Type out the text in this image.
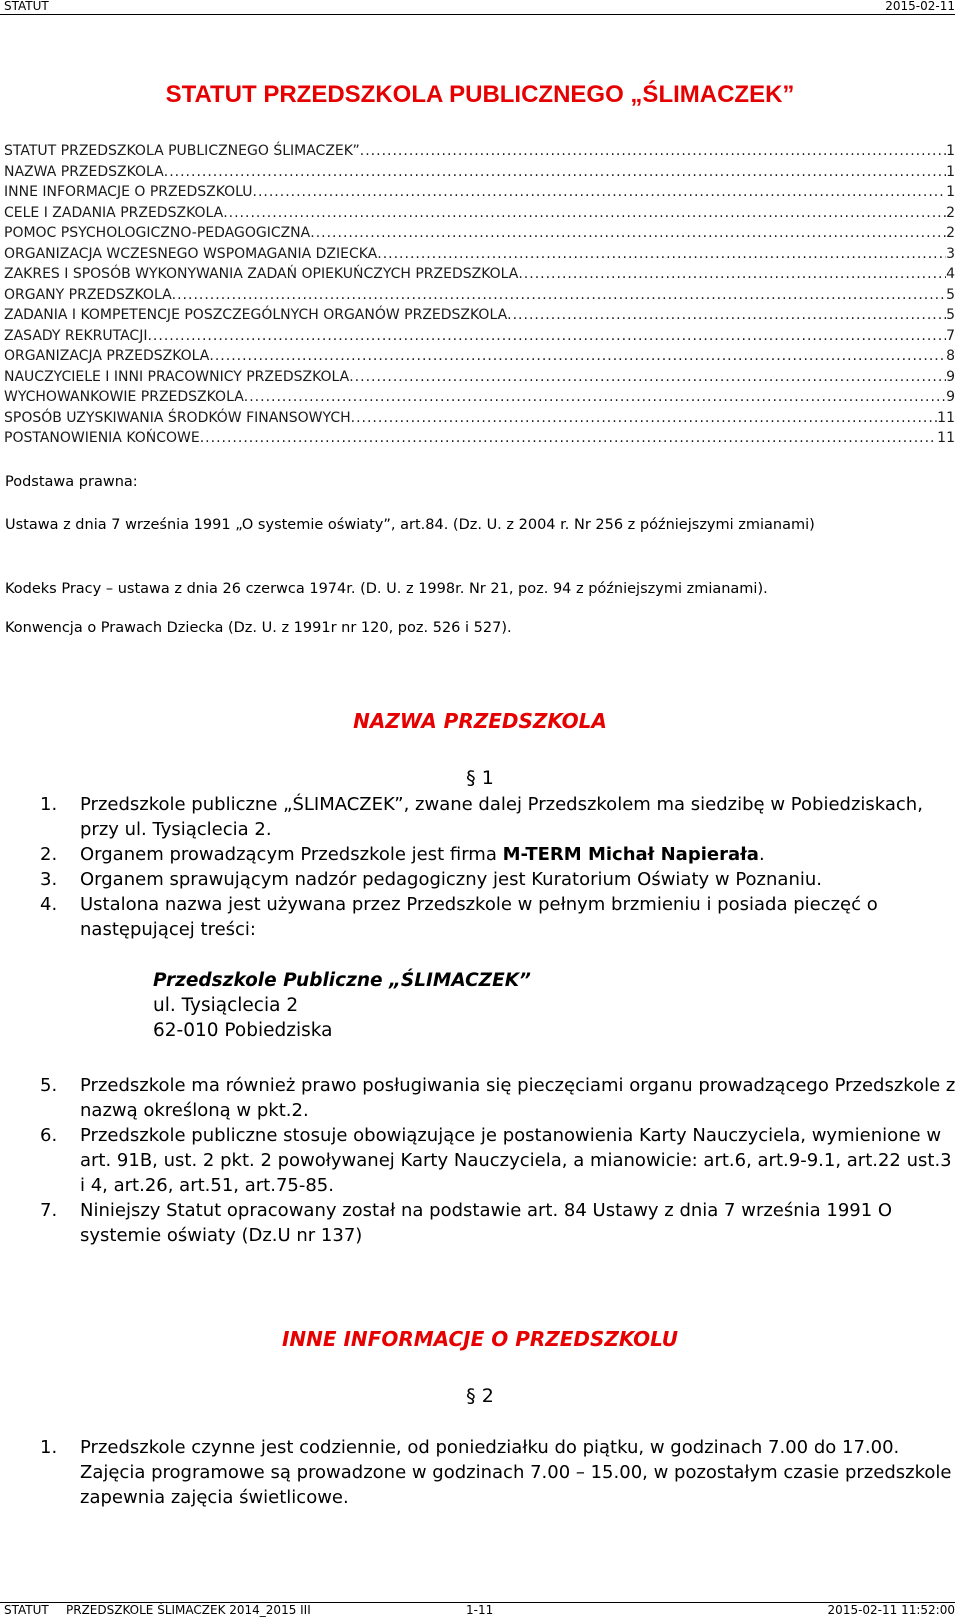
STATUT	2015-02-11
STATUT PRZEDSZKOLA PUBLICZNEGO „ŚLIMACZEK”
STATUT PRZEDSZKOLA PUBLICZNEGO ŚLIMACZEK” .....	1
NAZWA PRZEDSZKOLA .....	1
INNE INFORMACJE O PRZEDSZKOLU .....	1
CELE I ZADANIA PRZEDSZKOLA .....	2
POMOC PSYCHOLOGICZNO-PEDAGOGICZNA .....	2
ORGANIZACJA WCZESNEGO WSPOMAGANIA DZIECKA .....	3
ZAKRES I SPOSÓB WYKONYWANIA ZADAŃ OPIEKUŃCZYCH PRZEDSZKOLA .....	4
ORGANY PRZEDSZKOLA .....	5
ZADANIA I KOMPETENCJE POSZCZEGÓLNYCH ORGANÓW PRZEDSZKOLA .....	5
ZASADY REKRUTACJI .....	7
ORGANIZACJA PRZEDSZKOLA .....	8
NAUCZYCIELE I INNI PRACOWNICY PRZEDSZKOLA .....	9
WYCHOWANKOWIE PRZEDSZKOLA .....	9
SPOSÓB UZYSKIWANIA ŚRODKÓW FINANSOWYCH .....	11
POSTANOWIENIA KOŃCOWE .....	11
Podstawa prawna:
Ustawa z dnia 7 września 1991 „O systemie oświaty”, art.84. (Dz. U. z 2004 r. Nr 256 z późniejszymi zmianami)
Kodeks Pracy – ustawa z dnia 26 czerwca 1974r. (D. U. z 1998r. Nr 21, poz. 94 z późniejszymi zmianami).
Konwencja o Prawach Dziecka (Dz. U. z 1991r nr 120, poz. 526 i 527).
NAZWA PRZEDSZKOLA
§ 1
1. Przedszkole publiczne „ŚLIMACZEK”, zwane dalej Przedszkolem ma siedzibę w Pobiedziskach, przy ul. Tysiąclecia 2.
2. Organem prowadzącym Przedszkole jest firma M-TERM Michał Napierała.
3. Organem sprawującym nadzór pedagogiczny jest Kuratorium Oświaty w Poznaniu.
4. Ustalona nazwa jest używana przez Przedszkole w pełnym brzmieniu i posiada pieczęć o następującej treści:
Przedszkole Publiczne „ŚLIMACZEK”
ul. Tysiąclecia 2
62-010 Pobiedziska
5. Przedszkole ma również prawo posługiwania się pieczęciami organu prowadzącego Przedszkole z nazwą określoną w pkt.2.
6. Przedszkole publiczne stosuje obowiązujące je postanowienia Karty Nauczyciela, wymienione w art. 91B, ust. 2 pkt. 2 powoływanej Karty Nauczyciela, a mianowicie: art.6, art.9-9.1, art.22 ust.3 i 4, art.26, art.51, art.75-85.
7. Niniejszy Statut opracowany został na podstawie art. 84 Ustawy z dnia 7 września 1991 O systemie oświaty (Dz.U nr 137)
INNE INFORMACJE O PRZEDSZKOLU
§ 2
1. Przedszkole czynne jest codziennie, od poniedziałku do piątku, w godzinach 7.00 do 17.00. Zajęcia programowe są prowadzone w godzinach 7.00 – 15.00, w pozostałym czasie przedszkole zapewnia zajęcia świetlicowe.
STATUT PRZEDSZKOLE ŚLIMACZEK 2014_2015 III	1-11	2015-02-11 11:52:00
